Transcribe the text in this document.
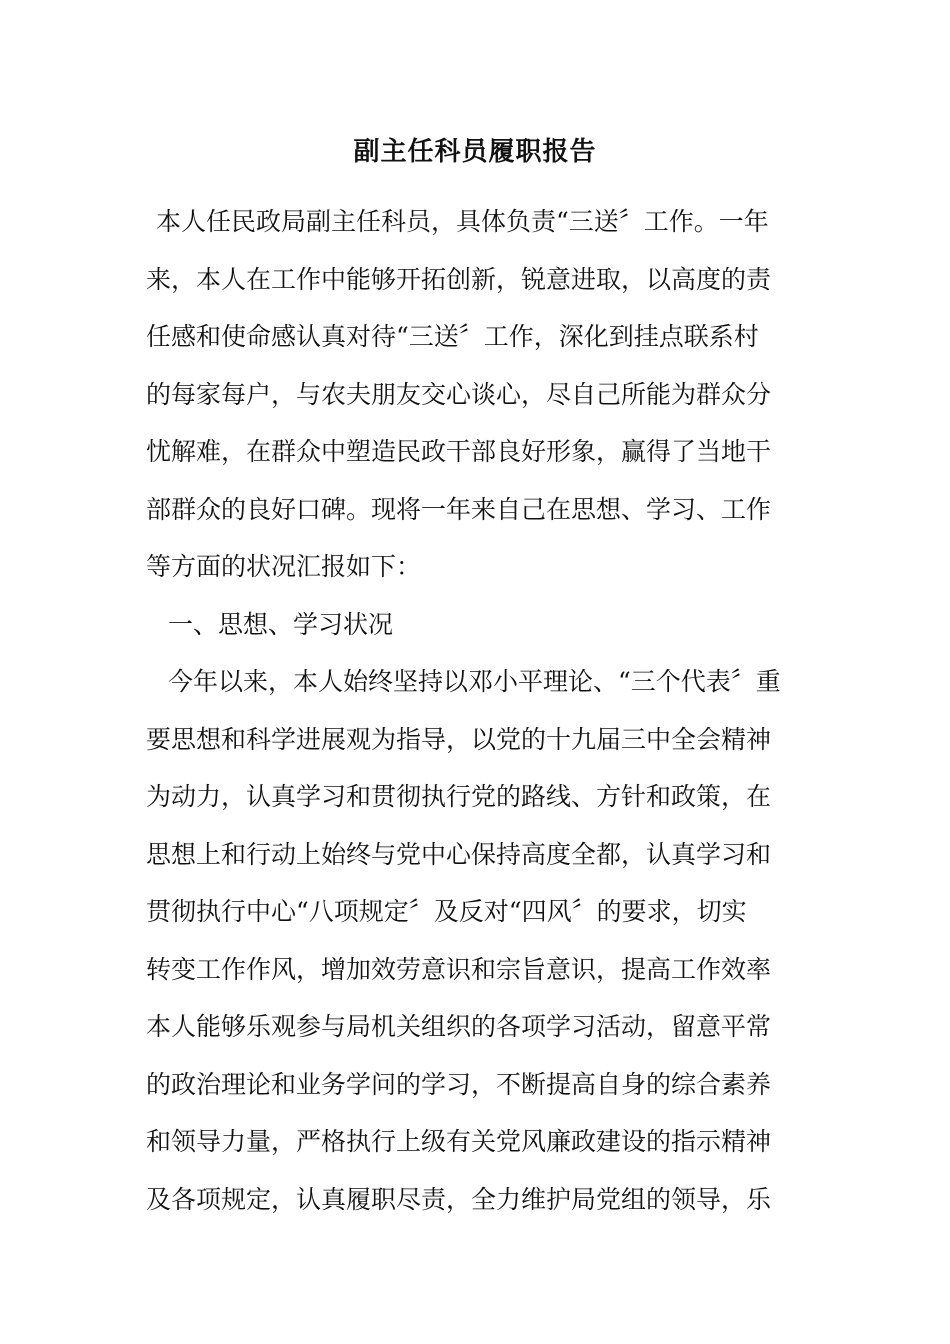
副主任科员履职报告
本人任民政局副主任科员，具体负责“三送〞工作。一年
来，本人在工作中能够开拓创新，锐意进取，以高度的责
任感和使命感认真对待“三送〞工作，深化到挂点联系村
的每家每户，与农夫朋友交心谈心，尽自己所能为群众分
忧解难，在群众中塑造民政干部良好形象，赢得了当地干
部群众的良好口碑。现将一年来自己在思想、学习、工作
等方面的状况汇报如下：
一、思想、学习状况
今年以来，本人始终坚持以邓小平理论、“三个代表〞重
要思想和科学进展观为指导，以党的十九届三中全会精神
为动力，认真学习和贯彻执行党的路线、方针和政策，在
思想上和行动上始终与党中心保持高度全都，认真学习和
贯彻执行中心“八项规定〞及反对“四风〞的要求，切实
转变工作作风，增加效劳意识和宗旨意识，提高工作效率
本人能够乐观参与局机关组织的各项学习活动，留意平常
的政治理论和业务学问的学习，不断提高自身的综合素养
和领导力量，严格执行上级有关党风廉政建设的指示精神
及各项规定，认真履职尽责，全力维护局党组的领导，乐
